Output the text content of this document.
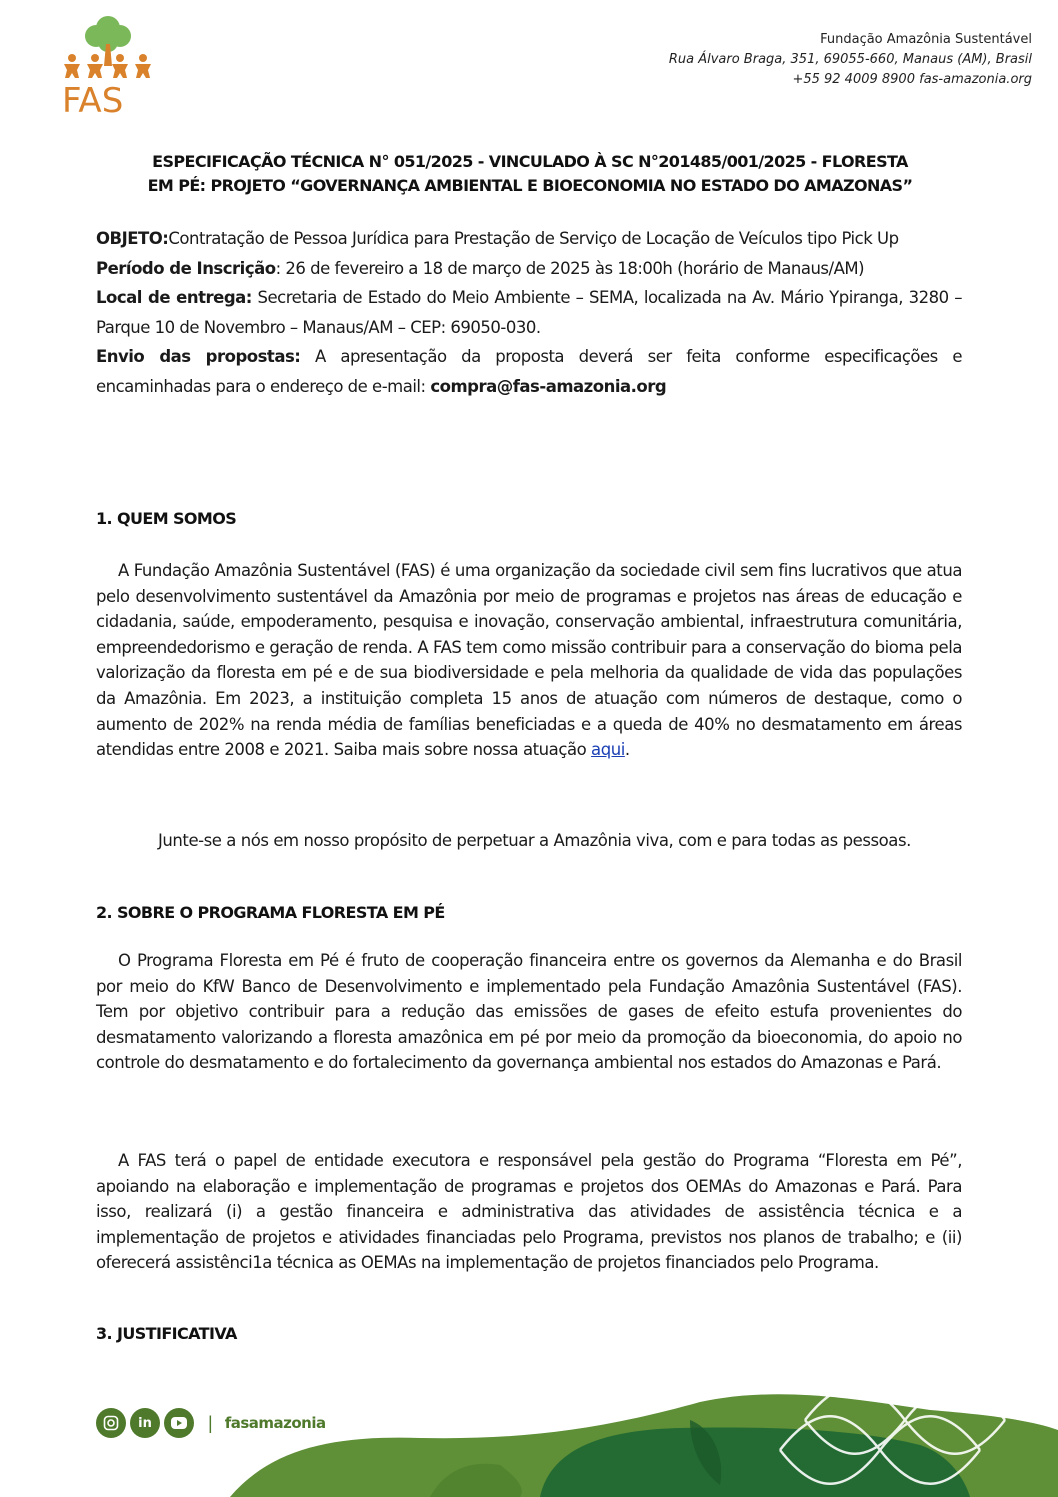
FAS
Fundação Amazônia Sustentável
Rua Álvaro Braga, 351, 69055-660, Manaus (AM), Brasil
+55 92 4009 8900 fas-amazonia.org
ESPECIFICAÇÃO TÉCNICA N° 051/2025 - VINCULADO À SC N°201485/001/2025 - FLORESTA
EM PÉ: PROJETO “GOVERNANÇA AMBIENTAL E BIOECONOMIA NO ESTADO DO AMAZONAS”
OBJETO:Contratação de Pessoa Jurídica para Prestação de Serviço de Locação de Veículos tipo Pick Up
Período de Inscrição: 26 de fevereiro a 18 de março de 2025 às 18:00h (horário de Manaus/AM)
Local de entrega: Secretaria de Estado do Meio Ambiente – SEMA, localizada na Av. Mário Ypiranga, 3280 – Parque 10 de Novembro – Manaus/AM – CEP: 69050-030.
Envio das propostas: A apresentação da proposta deverá ser feita conforme especificações e encaminhadas para o endereço de e-mail: compra@fas-amazonia.org
1. QUEM SOMOS
A Fundação Amazônia Sustentável (FAS) é uma organização da sociedade civil sem fins lucrativos que atua pelo desenvolvimento sustentável da Amazônia por meio de programas e projetos nas áreas de educação e cidadania, saúde, empoderamento, pesquisa e inovação, conservação ambiental, infraestrutura comunitária, empreendedorismo e geração de renda. A FAS tem como missão contribuir para a conservação do bioma pela valorização da floresta em pé e de sua biodiversidade e pela melhoria da qualidade de vida das populações da Amazônia. Em 2023, a instituição completa 15 anos de atuação com números de destaque, como o aumento de 202% na renda média de famílias beneficiadas e a queda de 40% no desmatamento em áreas atendidas entre 2008 e 2021. Saiba mais sobre nossa atuação aqui.
Junte-se a nós em nosso propósito de perpetuar a Amazônia viva, com e para todas as pessoas.
2. SOBRE O PROGRAMA FLORESTA EM PÉ
O Programa Floresta em Pé é fruto de cooperação financeira entre os governos da Alemanha e do Brasil por meio do KfW Banco de Desenvolvimento e implementado pela Fundação Amazônia Sustentável (FAS). Tem por objetivo contribuir para a redução das emissões de gases de efeito estufa provenientes do desmatamento valorizando a floresta amazônica em pé por meio da promoção da bioeconomia, do apoio no controle do desmatamento e do fortalecimento da governança ambiental nos estados do Amazonas e Pará.
A FAS terá o papel de entidade executora e responsável pela gestão do Programa “Floresta em Pé”, apoiando na elaboração e implementação de programas e projetos dos OEMAs do Amazonas e Pará. Para isso, realizará (i) a gestão financeira e administrativa das atividades de assistência técnica e a implementação de projetos e atividades financiadas pelo Programa, previstos nos planos de trabalho; e (ii) oferecerá assistênci1a técnica as OEMAs na implementação de projetos financiados pelo Programa.
3. JUSTIFICATIVA
in	| fasamazonia
